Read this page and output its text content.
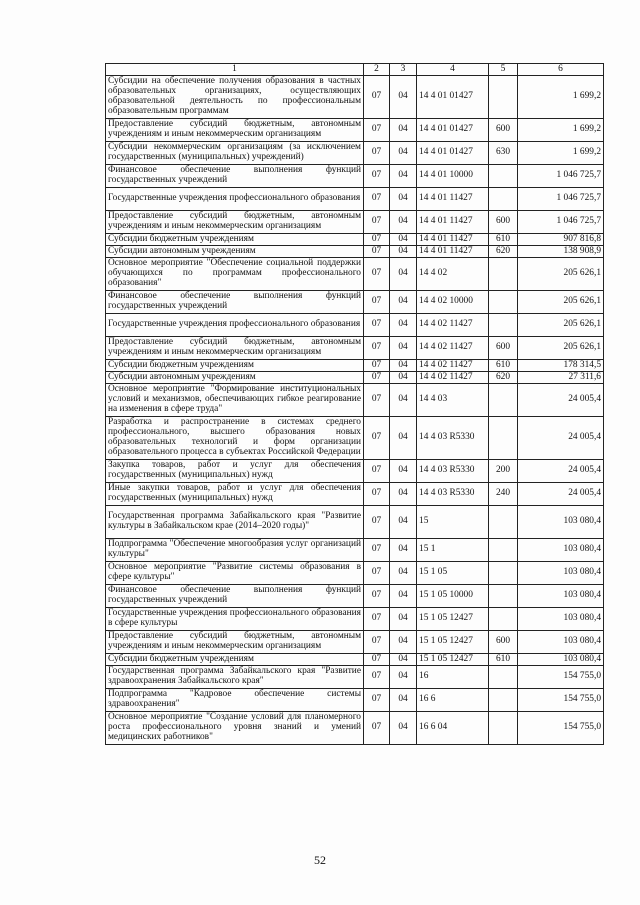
1	2	3	4	5	6
Субсидии на обеспечение получения образования в частных образовательных организациях, осуществляющих образовательной деятельность по профессиональным образовательным программам	07	04	14 4 01 01427		1 699,2
Предоставление субсидий бюджетным, автономным учреждениям и иным некоммерческим организациям	07	04	14 4 01 01427	600	1 699,2
Субсидии некоммерческим организациям (за исключением государственных (муниципальных) учреждений)	07	04	14 4 01 01427	630	1 699,2
Финансовое обеспечение выполнения функций государственных учреждений	07	04	14 4 01 10000		1 046 725,7
Государственные учреждения профессионального образования	07	04	14 4 01 11427		1 046 725,7
Предоставление субсидий бюджетным, автономным учреждениям и иным некоммерческим организациям	07	04	14 4 01 11427	600	1 046 725,7
Субсидии бюджетным учреждениям	07	04	14 4 01 11427	610	907 816,8
Субсидии автономным учреждениям	07	04	14 4 01 11427	620	138 908,9
Основное мероприятие "Обеспечение социальной поддержки обучающихся по программам профессионального образования"	07	04	14 4 02		205 626,1
Финансовое обеспечение выполнения функций государственных учреждений	07	04	14 4 02 10000		205 626,1
Государственные учреждения профессионального образования	07	04	14 4 02 11427		205 626,1
Предоставление субсидий бюджетным, автономным учреждениям и иным некоммерческим организациям	07	04	14 4 02 11427	600	205 626,1
Субсидии бюджетным учреждениям	07	04	14 4 02 11427	610	178 314,5
Субсидии автономным учреждениям	07	04	14 4 02 11427	620	27 311,6
Основное мероприятие "Формирование институциональных условий и механизмов, обеспечивающих гибкое реагирование на изменения в сфере труда"	07	04	14 4 03		24 005,4
Разработка и распространение в системах среднего профессионального, высшего образования новых образовательных технологий и форм организации образовательного процесса в субъектах Российской Федерации	07	04	14 4 03 R5330		24 005,4
Закупка товаров, работ и услуг для обеспечения государственных (муниципальных) нужд	07	04	14 4 03 R5330	200	24 005,4
Иные закупки товаров, работ и услуг для обеспечения государственных (муниципальных) нужд	07	04	14 4 03 R5330	240	24 005,4
Государственная программа Забайкальского края "Развитие культуры в Забайкальском крае (2014–2020 годы)"	07	04	15		103 080,4
Подпрограмма "Обеспечение многообразия услуг организаций культуры"	07	04	15 1		103 080,4
Основное мероприятие "Развитие системы образования в сфере культуры"	07	04	15 1 05		103 080,4
Финансовое обеспечение выполнения функций государственных учреждений	07	04	15 1 05 10000		103 080,4
Государственные учреждения профессионального образования в сфере культуры	07	04	15 1 05 12427		103 080,4
Предоставление субсидий бюджетным, автономным учреждениям и иным некоммерческим организациям	07	04	15 1 05 12427	600	103 080,4
Субсидии бюджетным учреждениям	07	04	15 1 05 12427	610	103 080,4
Государственная программа Забайкальского края "Развитие здравоохранения Забайкальского края"	07	04	16		154 755,0
Подпрограмма "Кадровое обеспечение системы здравоохранения"	07	04	16 6		154 755,0
Основное мероприятие "Создание условий для планомерного роста профессионального уровня знаний и умений медицинских работников"	07	04	16 6 04		154 755,0
52
